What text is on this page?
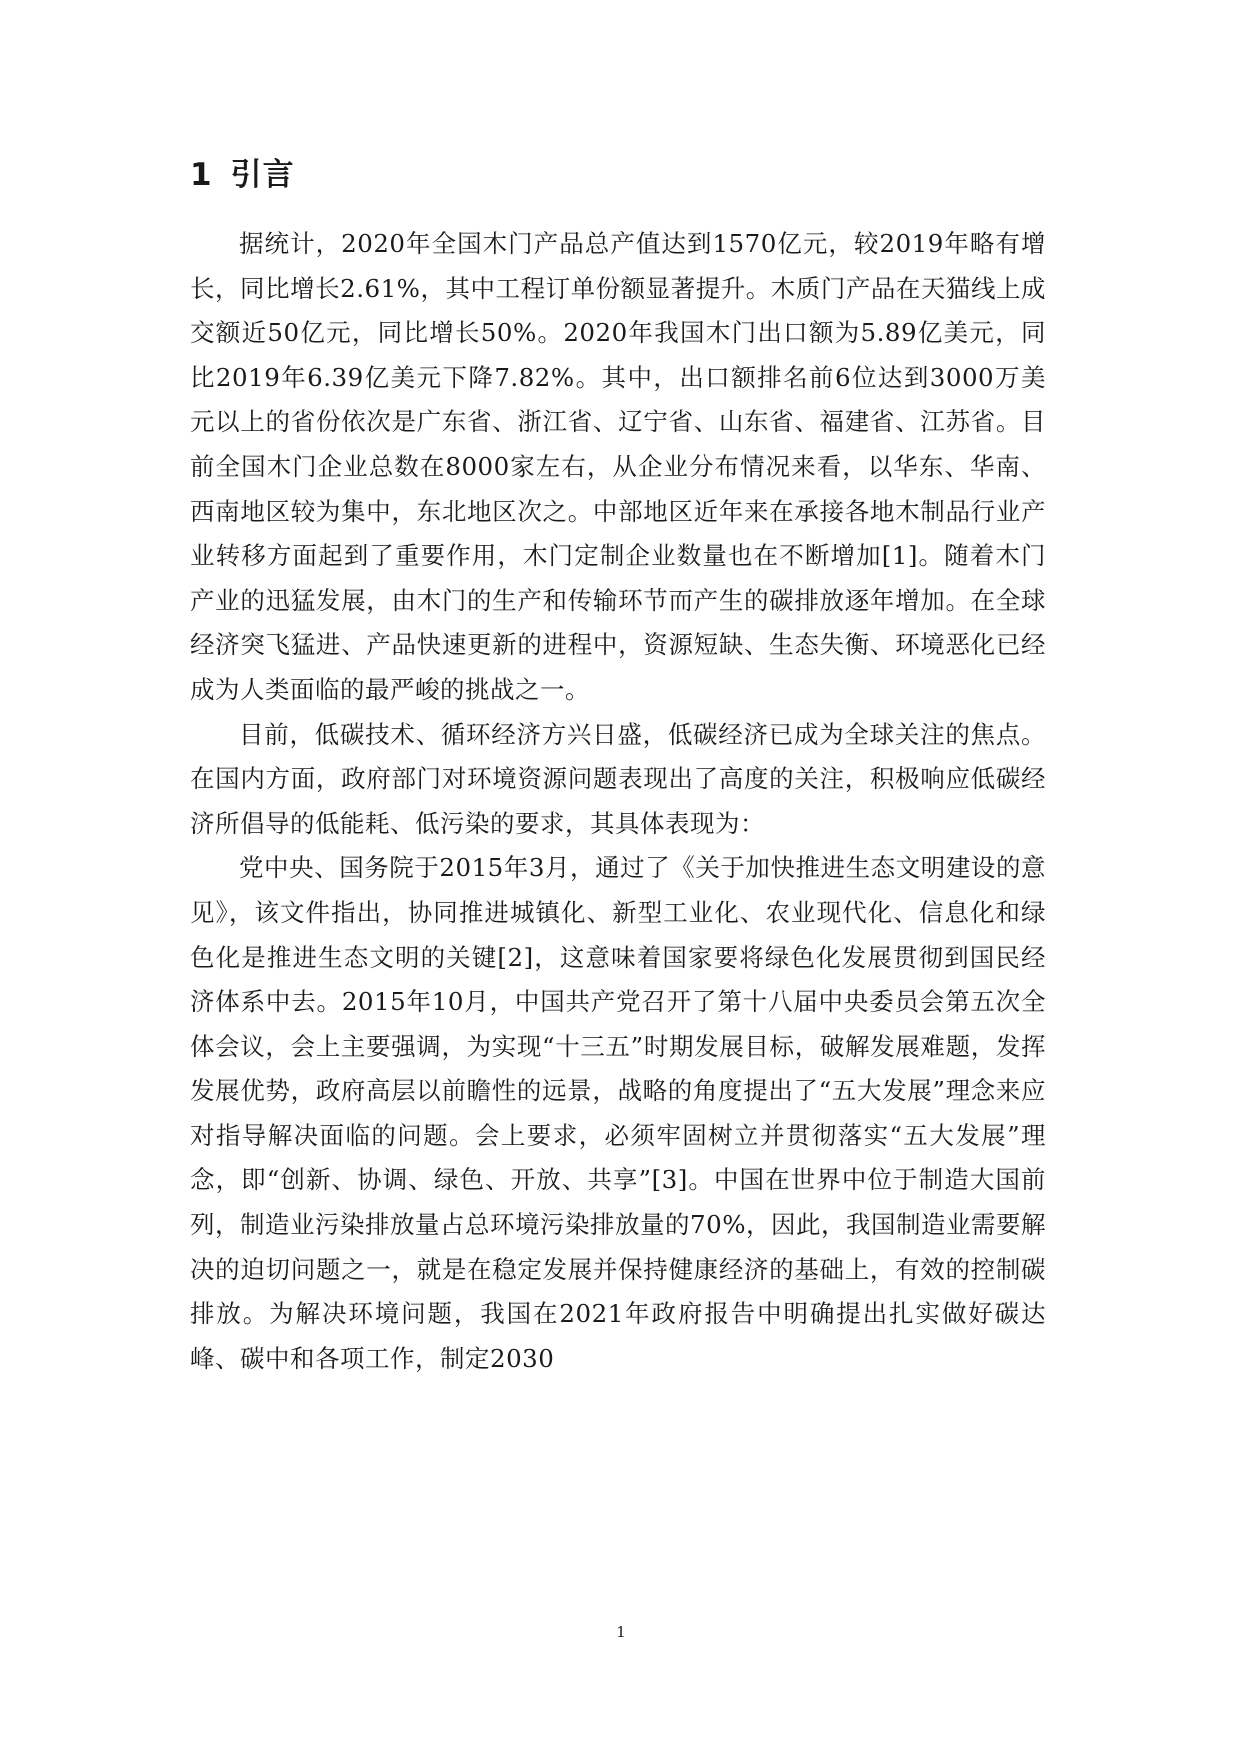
1 引言

据统计，2020年全国木门产品总产值达到1570亿元，较2019年略有增长，同比增长2.61%，其中工程订单份额显著提升。木质门产品在天猫线上成交额近50亿元，同比增长50%。2020年我国木门出口额为5.89亿美元，同比2019年6.39亿美元下降7.82%。其中，出口额排名前6位达到3000万美元以上的省份依次是广东省、浙江省、辽宁省、山东省、福建省、江苏省。目前全国木门企业总数在8000家左右，从企业分布情况来看，以华东、华南、西南地区较为集中，东北地区次之。中部地区近年来在承接各地木制品行业产业转移方面起到了重要作用，木门定制企业数量也在不断增加[1]。随着木门产业的迅猛发展，由木门的生产和传输环节而产生的碳排放逐年增加。在全球经济突飞猛进、产品快速更新的进程中，资源短缺、生态失衡、环境恶化已经成为人类面临的最严峻的挑战之一。

目前，低碳技术、循环经济方兴日盛，低碳经济已成为全球关注的焦点。在国内方面，政府部门对环境资源问题表现出了高度的关注，积极响应低碳经济所倡导的低能耗、低污染的要求，其具体表现为：

党中央、国务院于2015年3月，通过了《关于加快推进生态文明建设的意见》，该文件指出，协同推进城镇化、新型工业化、农业现代化、信息化和绿色化是推进生态文明的关键[2]，这意味着国家要将绿色化发展贯彻到国民经济体系中去。2015年10月，中国共产党召开了第十八届中央委员会第五次全体会议，会上主要强调，为实现“十三五”时期发展目标，破解发展难题，发挥发展优势，政府高层以前瞻性的远景，战略的角度提出了“五大发展”理念来应对指导解决面临的问题。会上要求，必须牢固树立并贯彻落实“五大发展”理念，即“创新、协调、绿色、开放、共享”[3]。中国在世界中位于制造大国前列，制造业污染排放量占总环境污染排放量的70%，因此，我国制造业需要解决的迫切问题之一，就是在稳定发展并保持健康经济的基础上，有效的控制碳排放。为解决环境问题，我国在2021年政府报告中明确提出扎实做好碳达峰、碳中和各项工作，制定2030

1
